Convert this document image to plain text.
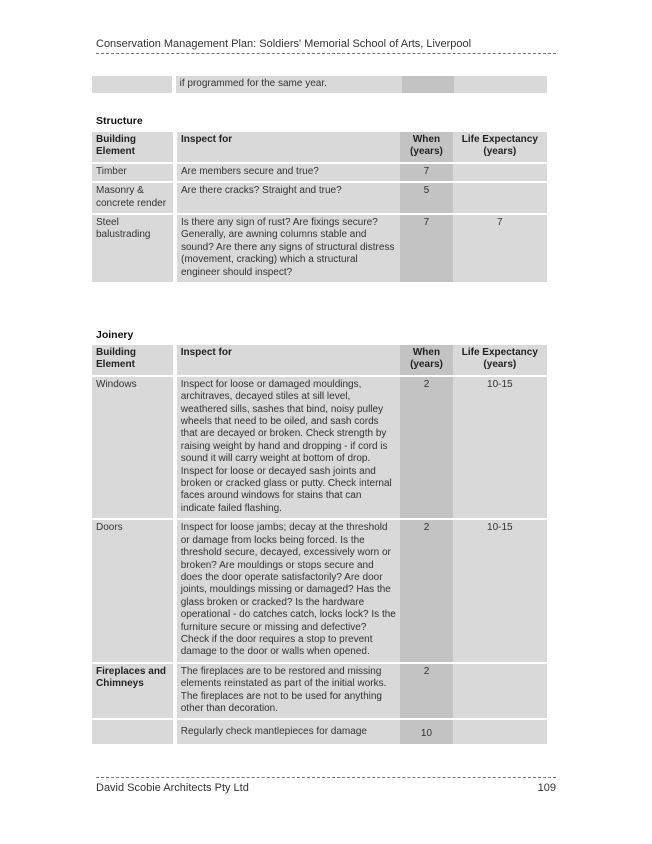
Conservation Management Plan: Soldiers' Memorial School of Arts, Liverpool
	if programmed for the same year.		
Structure
Building Element	Inspect for	When (years)	Life Expectancy (years)
Timber	Are members secure and true?	7	
Masonry & concrete render	Are there cracks? Straight and true?	5	
Steel balustrading	Is there any sign of rust? Are fixings secure? Generally, are awning columns stable and sound? Are there any signs of structural distress (movement, cracking) which a structural engineer should inspect?	7	7
Joinery
Building Element	Inspect for	When (years)	Life Expectancy (years)
Windows	Inspect for loose or damaged mouldings, architraves, decayed stiles at sill level, weathered sills, sashes that bind, noisy pulley wheels that need to be oiled, and sash cords that are decayed or broken. Check strength by raising weight by hand and dropping - if cord is sound it will carry weight at bottom of drop. Inspect for loose or decayed sash joints and broken or cracked glass or putty. Check internal faces around windows for stains that can indicate failed flashing.	2	10-15
Doors	Inspect for loose jambs; decay at the threshold or damage from locks being forced. Is the threshold secure, decayed, excessively worn or broken? Are mouldings or stops secure and does the door operate satisfactorily? Are door joints, mouldings missing or damaged? Has the glass broken or cracked? Is the hardware operational - do catches catch, locks lock? Is the furniture secure or missing and defective? Check if the door requires a stop to prevent damage to the door or walls when opened.	2	10-15
Fireplaces and Chimneys	The fireplaces are to be restored and missing elements reinstated as part of the initial works. The fireplaces are not to be used for anything other than decoration.	2	
	Regularly check mantlepieces for damage	10	
David Scobie Architects Pty Ltd	109
